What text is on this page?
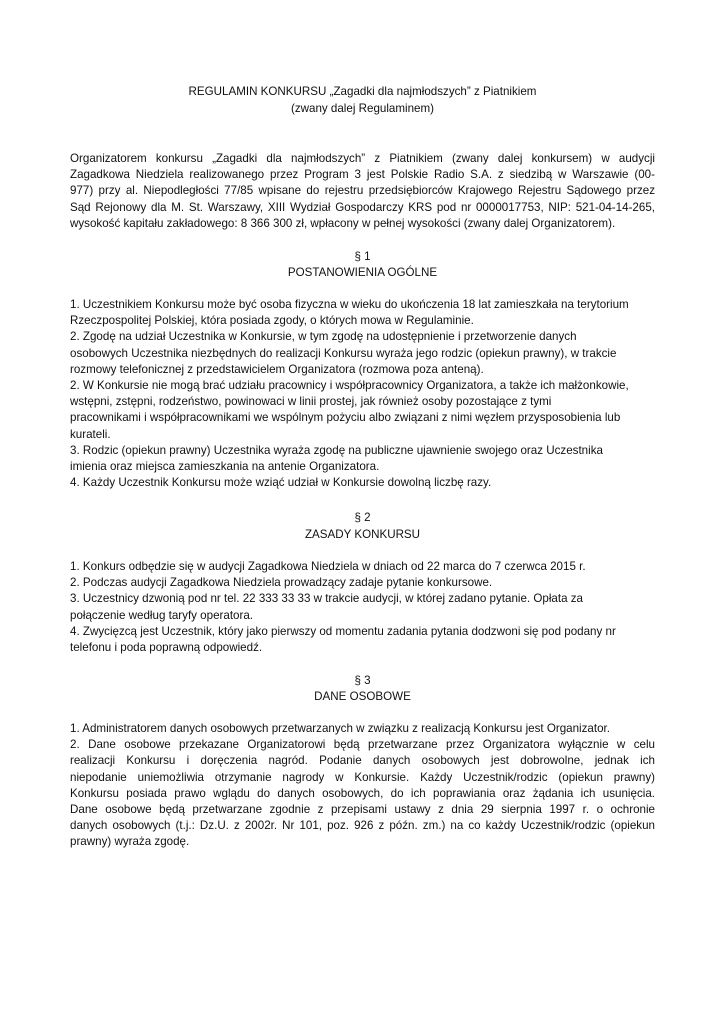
REGULAMIN KONKURSU „Zagadki dla najmłodszych” z Piatnikiem
(zwany dalej Regulaminem)
Organizatorem konkursu „Zagadki dla najmłodszych” z Piatnikiem (zwany dalej konkursem) w audycji
Zagadkowa Niedziela realizowanego przez Program 3 jest Polskie Radio S.A. z siedzibą w Warszawie (00-
977) przy al. Niepodległości 77/85 wpisane do rejestru przedsiębiorców Krajowego Rejestru Sądowego przez
Sąd Rejonowy dla M. St. Warszawy, XIII Wydział Gospodarczy KRS pod nr 0000017753, NIP: 521-04-14-265,
wysokość kapitału zakładowego: 8 366 300 zł, wpłacony w pełnej wysokości (zwany dalej Organizatorem).
§ 1
POSTANOWIENIA OGÓLNE
1. Uczestnikiem Konkursu może być osoba fizyczna w wieku do ukończenia 18 lat zamieszkała na terytorium
Rzeczpospolitej Polskiej, która posiada zgody, o których mowa w Regulaminie.
2. Zgodę na udział Uczestnika w Konkursie, w tym zgodę na udostępnienie i przetworzenie danych
osobowych Uczestnika niezbędnych do realizacji Konkursu wyraża jego rodzic (opiekun prawny), w trakcie
rozmowy telefonicznej z przedstawicielem Organizatora (rozmowa poza anteną).
2. W Konkursie nie mogą brać udziału pracownicy i współpracownicy Organizatora, a także ich małżonkowie,
wstępni, zstępni, rodzeństwo, powinowaci w linii prostej, jak również osoby pozostające z tymi
pracownikami i współpracownikami we wspólnym pożyciu albo związani z nimi węzłem przysposobienia lub
kurateli.
3. Rodzic (opiekun prawny) Uczestnika wyraża zgodę na publiczne ujawnienie swojego oraz Uczestnika
imienia oraz miejsca zamieszkania na antenie Organizatora.
4. Każdy Uczestnik Konkursu może wziąć udział w Konkursie dowolną liczbę razy.
§ 2
ZASADY KONKURSU
1. Konkurs odbędzie się w audycji Zagadkowa Niedziela w dniach od 22 marca do 7 czerwca 2015 r.
2. Podczas audycji Zagadkowa Niedziela prowadzący zadaje pytanie konkursowe.
3. Uczestnicy dzwonią pod nr tel. 22 333 33 33 w trakcie audycji, w której zadano pytanie. Opłata za
połączenie według taryfy operatora.
4. Zwycięzcą jest Uczestnik, który jako pierwszy od momentu zadania pytania dodzwoni się pod podany nr
telefonu i poda poprawną odpowiedź.
§ 3
DANE OSOBOWE
1. Administratorem danych osobowych przetwarzanych w związku z realizacją Konkursu jest Organizator.
2. Dane osobowe przekazane Organizatorowi będą przetwarzane przez Organizatora wyłącznie w celu
realizacji Konkursu i doręczenia nagród. Podanie danych osobowych jest dobrowolne, jednak ich
niepodanie uniemożliwia otrzymanie nagrody w Konkursie. Każdy Uczestnik/rodzic (opiekun prawny)
Konkursu posiada prawo wglądu do danych osobowych, do ich poprawiania oraz żądania ich usunięcia.
Dane osobowe będą przetwarzane zgodnie z przepisami ustawy z dnia 29 sierpnia 1997 r. o ochronie
danych osobowych (t.j.: Dz.U. z 2002r. Nr 101, poz. 926 z późn. zm.) na co każdy Uczestnik/rodzic (opiekun
prawny) wyraża zgodę.
